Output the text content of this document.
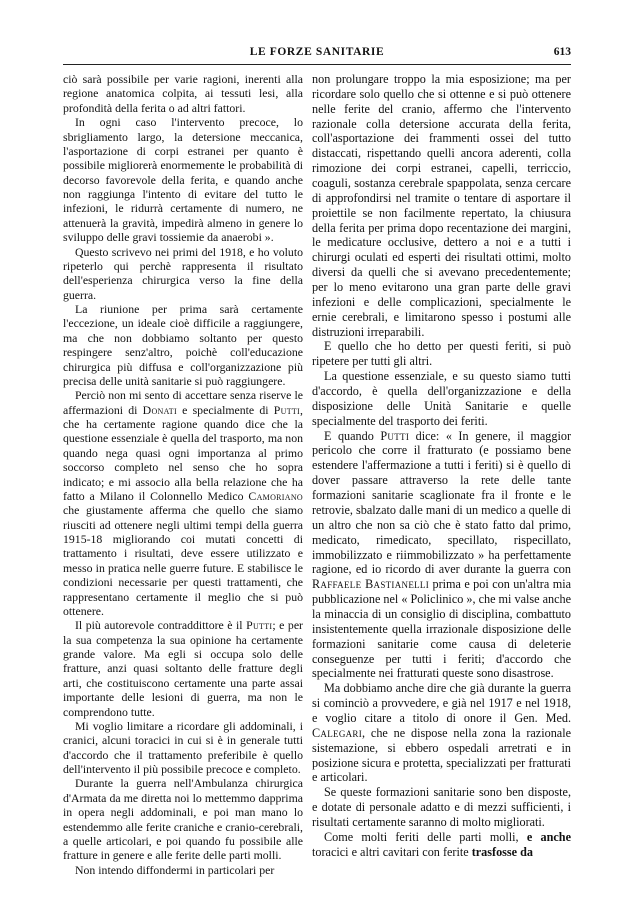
LE FORZE SANITARIE	613

ciò sarà possibile per varie ragioni, inerenti alla regione anatomica colpita, ai tessuti lesi, alla profondità della ferita o ad altri fattori.

In ogni caso l'intervento precoce, lo sbrigliamento largo, la detersione meccanica, l'asportazione di corpi estranei per quanto è possibile migliorerà enormemente le probabilità di decorso favorevole della ferita, e quando anche non raggiunga l'intento di evitare del tutto le infezioni, le ridurrà certamente di numero, ne attenuerà la gravità, impedirà almeno in genere lo sviluppo delle gravi tossiemie da anaerobi ».

Questo scrivevo nei primi del 1918, e ho voluto ripeterlo qui perchè rappresenta il risultato dell'esperienza chirurgica verso la fine della guerra.

La riunione per prima sarà certamente l'eccezione, un ideale cioè difficile a raggiungere, ma che non dobbiamo soltanto per questo respingere senz'altro, poichè coll'educazione chirurgica più diffusa e coll'organizzazione più precisa delle unità sanitarie si può raggiungere.

Perciò non mi sento di accettare senza riserve le affermazioni di Donati e specialmente di Putti, che ha certamente ragione quando dice che la questione essenziale è quella del trasporto, ma non quando nega quasi ogni importanza al primo soccorso completo nel senso che ho sopra indicato; e mi associo alla bella relazione che ha fatto a Milano il Colonnello Medico Camoriano che giustamente afferma che quello che siamo riusciti ad ottenere negli ultimi tempi della guerra 1915-18 migliorando coi mutati concetti di trattamento i risultati, deve essere utilizzato e messo in pratica nelle guerre future. E stabilisce le condizioni necessarie per questi trattamenti, che rappresentano certamente il meglio che si può ottenere.

Il più autorevole contraddittore è il Putti; e per la sua competenza la sua opinione ha certamente grande valore. Ma egli si occupa solo delle fratture, anzi quasi soltanto delle fratture degli arti, che costituiscono certamente una parte assai importante delle lesioni di guerra, ma non le comprendono tutte.

Mi voglio limitare a ricordare gli addominali, i cranici, alcuni toracici in cui si è in generale tutti d'accordo che il trattamento preferibile è quello dell'intervento il più possibile precoce e completo.

Durante la guerra nell'Ambulanza chirurgica d'Armata da me diretta noi lo mettemmo dapprima in opera negli addominali, e poi man mano lo estendemmo alle ferite craniche e cranio-cerebrali, a quelle articolari, e poi quando fu possibile alle fratture in genere e alle ferite delle parti molli.

Non intendo diffondermi in particolari per

non prolungare troppo la mia esposizione; ma per ricordare solo quello che si ottenne e si può ottenere nelle ferite del cranio, affermo che l'intervento razionale colla detersione accurata della ferita, coll'asportazione dei frammenti ossei del tutto distaccati, rispettando quelli ancora aderenti, colla rimozione dei corpi estranei, capelli, terriccio, coaguli, sostanza cerebrale spappolata, senza cercare di approfondirsi nel tramite o tentare di asportare il proiettile se non facilmente repertato, la chiusura della ferita per prima dopo recentazione dei margini, le medicature occlusive, dettero a noi e a tutti i chirurgi oculati ed esperti dei risultati ottimi, molto diversi da quelli che si avevano precedentemente; per lo meno evitarono una gran parte delle gravi infezioni e delle complicazioni, specialmente le ernie cerebrali, e limitarono spesso i postumi alle distruzioni irreparabili.

E quello che ho detto per questi feriti, si può ripetere per tutti gli altri.

La questione essenziale, e su questo siamo tutti d'accordo, è quella dell'organizzazione e della disposizione delle Unità Sanitarie e quelle specialmente del trasporto dei feriti.

E quando Putti dice: « In genere, il maggior pericolo che corre il fratturato (e possiamo bene estendere l'affermazione a tutti i feriti) si è quello di dover passare attraverso la rete delle tante formazioni sanitarie scaglionate fra il fronte e le retrovie, sbalzato dalle mani di un medico a quelle di un altro che non sa ciò che è stato fatto dal primo, medicato, rimedicato, specillato, rispecillato, immobilizzato e riimmobilizzato » ha perfettamente ragione, ed io ricordo di aver durante la guerra con Raffaele Bastianelli prima e poi con un'altra mia pubblicazione nel « Policlinico », che mi valse anche la minaccia di un consiglio di disciplina, combattuto insistentemente quella irrazionale disposizione delle formazioni sanitarie come causa di deleterie conseguenze per tutti i feriti; d'accordo che specialmente nei fratturati queste sono disastrose.

Ma dobbiamo anche dire che già durante la guerra si cominciò a provvedere, e già nel 1917 e nel 1918, e voglio citare a titolo di onore il Gen. Med. Calegari, che ne dispose nella zona la razionale sistemazione, si ebbero ospedali arretrati e in posizione sicura e protetta, specializzati per fratturati e articolari.

Se queste formazioni sanitarie sono ben disposte, e dotate di personale adatto e di mezzi sufficienti, i risultati certamente saranno di molto migliorati.

Come molti feriti delle parti molli, e anche toracici e altri cavitari con ferite trasfosse da
